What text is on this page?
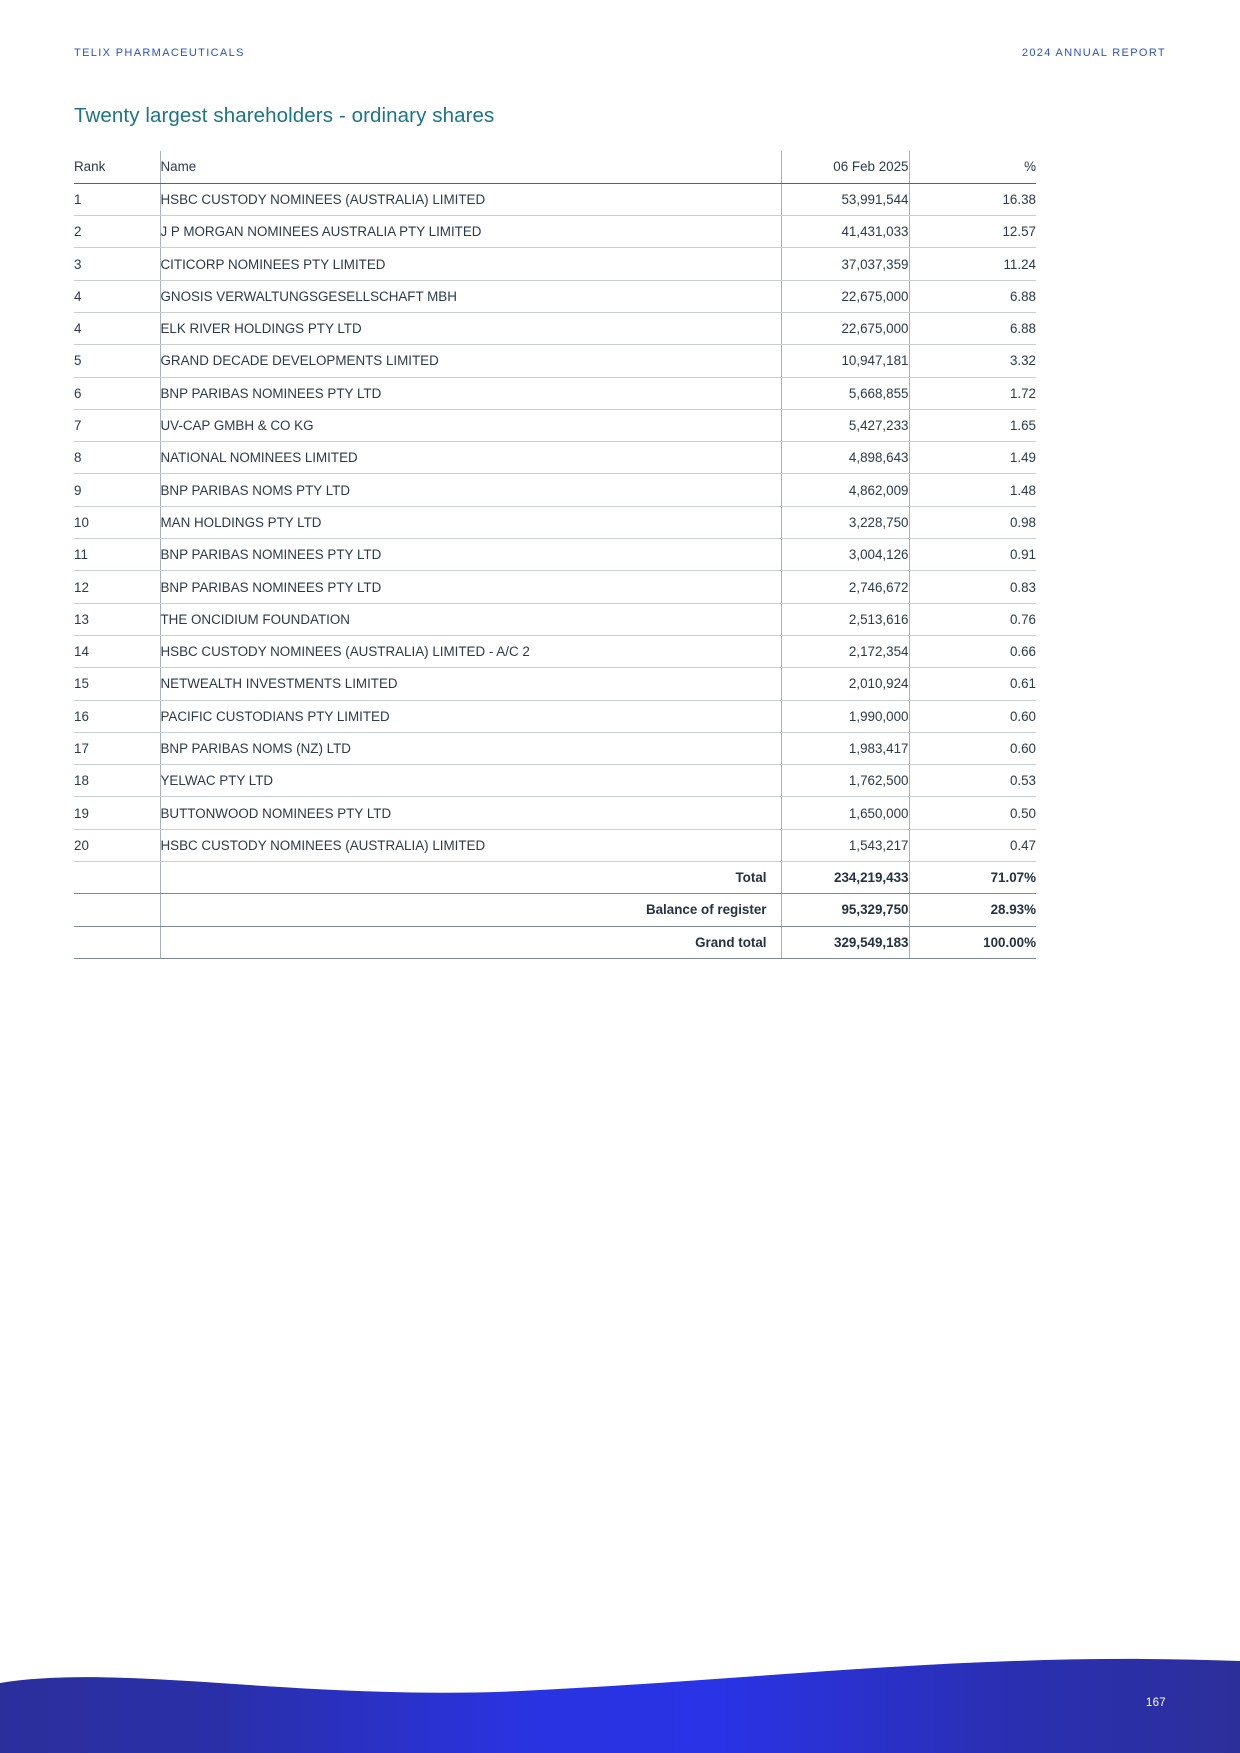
TELIX PHARMACEUTICALS	2024 ANNUAL REPORT
Twenty largest shareholders - ordinary shares
Rank	Name	06 Feb 2025	%
1	HSBC CUSTODY NOMINEES (AUSTRALIA) LIMITED	53,991,544	16.38
2	J P MORGAN NOMINEES AUSTRALIA PTY LIMITED	41,431,033	12.57
3	CITICORP NOMINEES PTY LIMITED	37,037,359	11.24
4	GNOSIS VERWALTUNGSGESELLSCHAFT MBH	22,675,000	6.88
4	ELK RIVER HOLDINGS PTY LTD	22,675,000	6.88
5	GRAND DECADE DEVELOPMENTS LIMITED	10,947,181	3.32
6	BNP PARIBAS NOMINEES PTY LTD	5,668,855	1.72
7	UV-CAP GMBH & CO KG	5,427,233	1.65
8	NATIONAL NOMINEES LIMITED	4,898,643	1.49
9	BNP PARIBAS NOMS PTY LTD	4,862,009	1.48
10	MAN HOLDINGS PTY LTD	3,228,750	0.98
11	BNP PARIBAS NOMINEES PTY LTD	3,004,126	0.91
12	BNP PARIBAS NOMINEES PTY LTD	2,746,672	0.83
13	THE ONCIDIUM FOUNDATION	2,513,616	0.76
14	HSBC CUSTODY NOMINEES (AUSTRALIA) LIMITED - A/C 2	2,172,354	0.66
15	NETWEALTH INVESTMENTS LIMITED	2,010,924	0.61
16	PACIFIC CUSTODIANS PTY LIMITED	1,990,000	0.60
17	BNP PARIBAS NOMS (NZ) LTD	1,983,417	0.60
18	YELWAC PTY LTD	1,762,500	0.53
19	BUTTONWOOD NOMINEES PTY LTD	1,650,000	0.50
20	HSBC CUSTODY NOMINEES (AUSTRALIA) LIMITED	1,543,217	0.47
	Total	234,219,433	71.07%
	Balance of register	95,329,750	28.93%
	Grand total	329,549,183	100.00%
167
